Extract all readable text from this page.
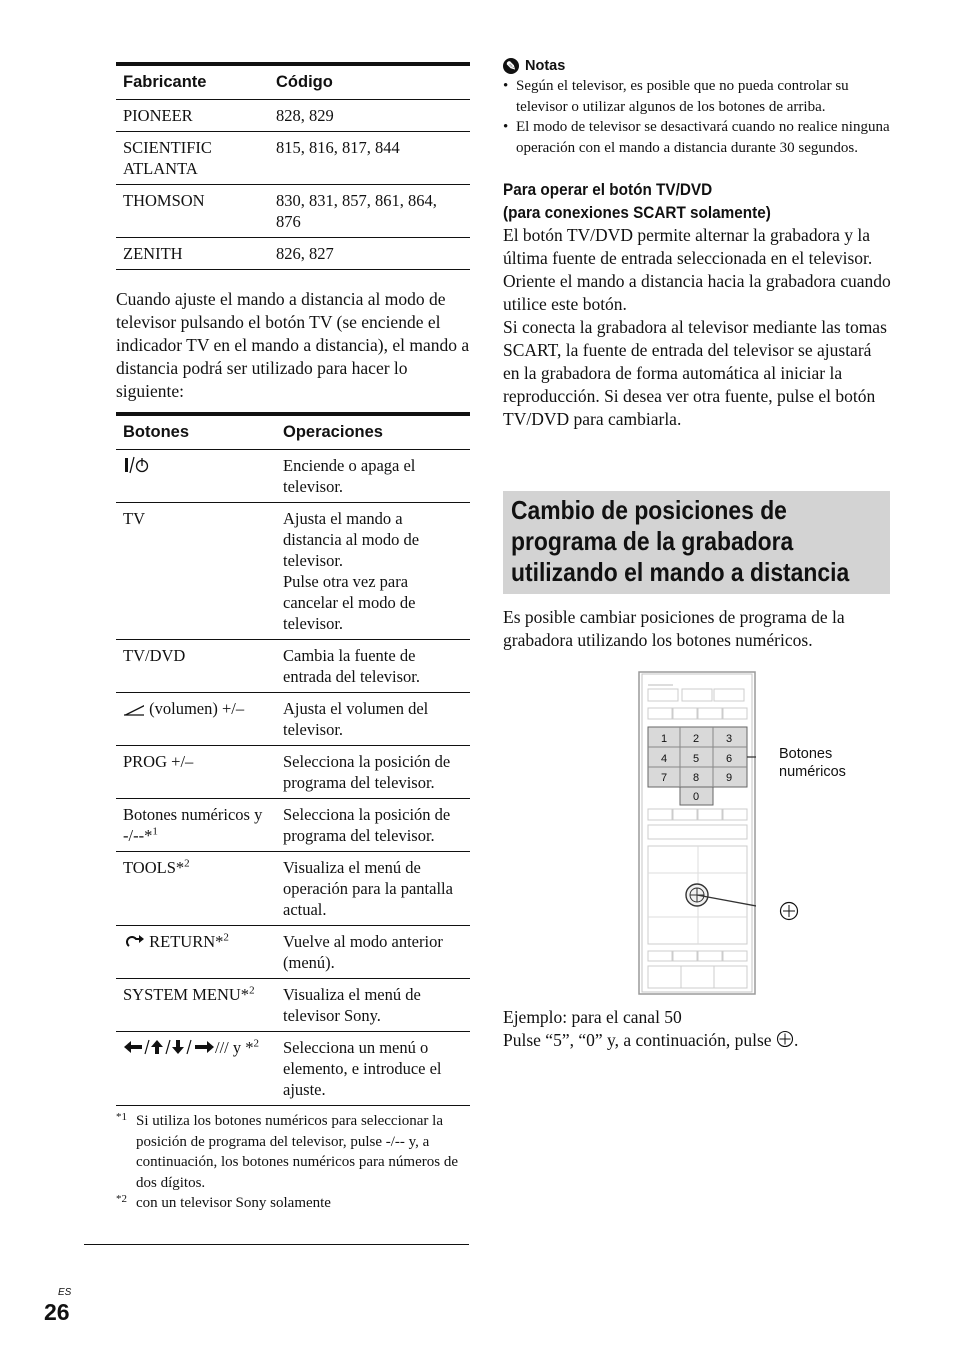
Fabricante	Código
PIONEER	828, 829
SCIENTIFIC ATLANTA	815, 816, 817, 844
THOMSON	830, 831, 857, 861, 864, 876
ZENITH	826, 827

Cuando ajuste el mando a distancia al modo de televisor pulsando el botón TV (se enciende el indicador TV en el mando a distancia), el mando a distancia podrá ser utilizado para hacer lo siguiente:

Botones	Operaciones
	Enciende o apaga el televisor.
TV	Ajusta el mando a distancia al modo de televisor.
Pulse otra vez para cancelar el modo de televisor.
TV/DVD	Cambia la fuente de entrada del televisor.
(volumen) +/–	Ajusta el volumen del televisor.
PROG +/–	Selecciona la posición de programa del televisor.
Botones numéricos y -/--*$^1$	Selecciona la posición de programa del televisor.
TOOLS*$^2$	Visualiza el menú de operación para la pantalla actual.
RETURN*$^2$	Vuelve al modo anterior (menú).
SYSTEM MENU*$^2$	Visualiza el menú de televisor Sony.
/// y *$^2$	Selecciona un menú o elemento, e introduce el ajuste.
*1 Si utiliza los botones numéricos para seleccionar la posición de programa del televisor, pulse -/-- y, a continuación, los botones numéricos para números de dos dígitos.
*2 con un televisor Sony solamente
✎ Notas
• Según el televisor, es posible que no pueda controlar su televisor o utilizar algunos de los botones de arriba.
• El modo de televisor se desactivará cuando no realice ninguna operación con el mando a distancia durante 30 segundos.
Para operar el botón TV/DVD
(para conexiones SCART solamente)
El botón TV/DVD permite alternar la grabadora y la última fuente de entrada seleccionada en el televisor. Oriente el mando a distancia hacia la grabadora cuando utilice este botón.
Si conecta la grabadora al televisor mediante las tomas SCART, la fuente de entrada del televisor se ajustará en la grabadora de forma automática al iniciar la reproducción. Si desea ver otra fuente, pulse el botón TV/DVD para cambiarla.
Cambio de posiciones de programa de la grabadora utilizando el mando a distancia
Es posible cambiar posiciones de programa de la grabadora utilizando los botones numéricos.
1 2 3
4 5 6
7 8 9
0
Botones numéricos
Ejemplo: para el canal 50
Pulse “5”, “0” y, a continuación, pulse .
ES
26
